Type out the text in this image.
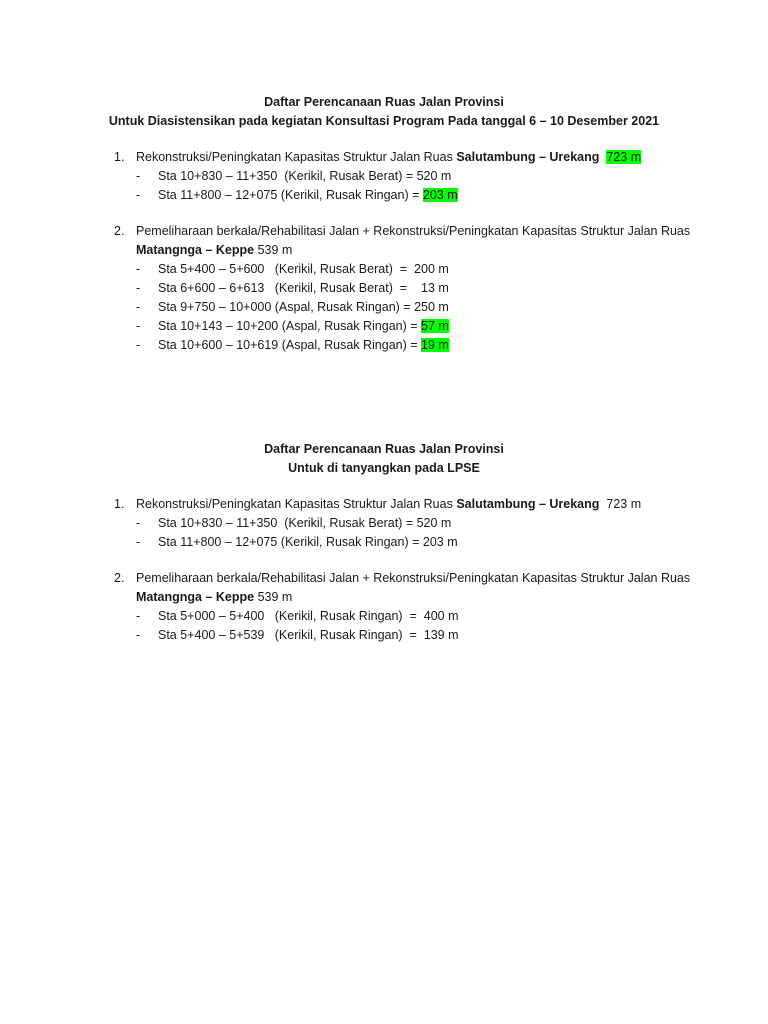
Daftar Perencanaan Ruas Jalan Provinsi
Untuk Diasistensikan pada kegiatan Konsultasi Program Pada tanggal 6 – 10 Desember 2021
1. Rekonstruksi/Peningkatan Kapasitas Struktur Jalan Ruas Salutambung – Urekang 723 m
- Sta 10+830 – 11+350  (Kerikil, Rusak Berat) = 520 m
- Sta 11+800 – 12+075 (Kerikil, Rusak Ringan) = 203 m
2. Pemeliharaan berkala/Rehabilitasi Jalan + Rekonstruksi/Peningkatan Kapasitas Struktur Jalan Ruas Matangnga – Keppe 539 m
- Sta 5+400 – 5+600   (Kerikil, Rusak Berat)  =  200 m
- Sta 6+600 – 6+613   (Kerikil, Rusak Berat)  =    13 m
- Sta 9+750 – 10+000 (Aspal, Rusak Ringan) = 250 m
- Sta 10+143 – 10+200 (Aspal, Rusak Ringan) = 57 m
- Sta 10+600 – 10+619 (Aspal, Rusak Ringan) = 19 m
Daftar Perencanaan Ruas Jalan Provinsi
Untuk di tanyangkan pada LPSE
1. Rekonstruksi/Peningkatan Kapasitas Struktur Jalan Ruas Salutambung – Urekang 723 m
- Sta 10+830 – 11+350  (Kerikil, Rusak Berat) = 520 m
- Sta 11+800 – 12+075 (Kerikil, Rusak Ringan) = 203 m
2. Pemeliharaan berkala/Rehabilitasi Jalan + Rekonstruksi/Peningkatan Kapasitas Struktur Jalan Ruas Matangnga – Keppe 539 m
- Sta 5+000 – 5+400   (Kerikil, Rusak Ringan)  =  400 m
- Sta 5+400 – 5+539   (Kerikil, Rusak Ringan)  =  139 m
